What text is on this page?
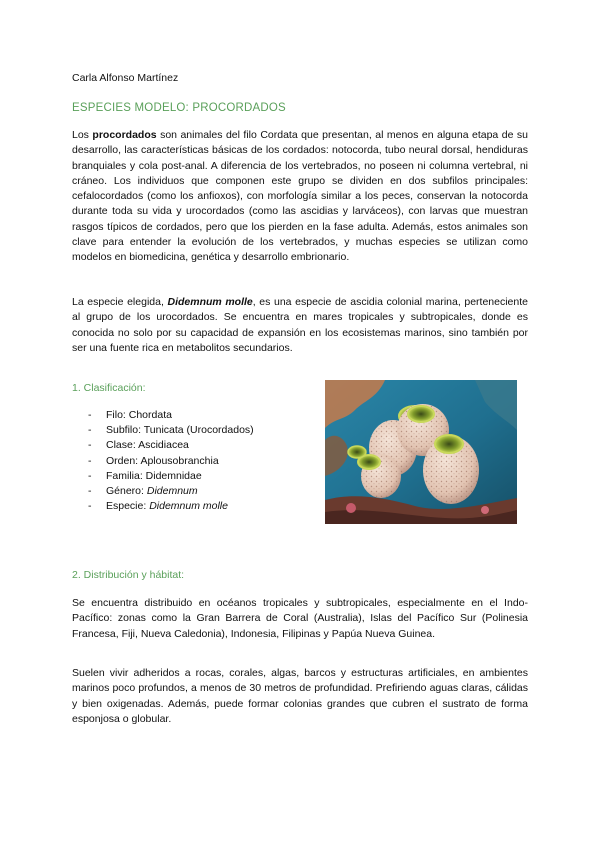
Carla Alfonso Martínez
ESPECIES MODELO: PROCORDADOS

Los procordados son animales del filo Cordata que presentan, al menos en alguna etapa de su desarrollo, las características básicas de los cordados: notocorda, tubo neural dorsal, hendiduras branquiales y cola post-anal. A diferencia de los vertebrados, no poseen ni columna vertebral, ni cráneo. Los individuos que componen este grupo se dividen en dos subfilos principales: cefalocordados (como los anfioxos), con morfología similar a los peces, conservan la notocorda durante toda su vida y urocordados (como las ascidias y larváceos), con larvas que muestran rasgos típicos de cordados, pero que los pierden en la fase adulta. Además, estos animales son clave para entender la evolución de los vertebrados, y muchas especies se utilizan como modelos en biomedicina, genética y desarrollo embrionario.

La especie elegida, Didemnum molle, es una especie de ascidia colonial marina, perteneciente al grupo de los urocordados. Se encuentra en mares tropicales y subtropicales, donde es conocida no solo por su capacidad de expansión en los ecosistemas marinos, sino también por ser una fuente rica en metabolitos secundarios.

1. Clasificación:
- Filo: Chordata
- Subfilo: Tunicata (Urocordados)
- Clase: Ascidiacea
- Orden: Aplousobranchia
- Familia: Didemnidae
- Género: Didemnum
- Especie: Didemnum molle
2. Distribución y hábitat:

Se encuentra distribuido en océanos tropicales y subtropicales, especialmente en el Indo-Pacífico: zonas como la Gran Barrera de Coral (Australia), Islas del Pacífico Sur (Polinesia Francesa, Fiji, Nueva Caledonia), Indonesia, Filipinas y Papúa Nueva Guinea.

Suelen vivir adheridos a rocas, corales, algas, barcos y estructuras artificiales, en ambientes marinos poco profundos, a menos de 30 metros de profundidad. Prefiriendo aguas claras, cálidas y bien oxigenadas. Además, puede formar colonias grandes que cubren el sustrato de forma esponjosa o globular.
